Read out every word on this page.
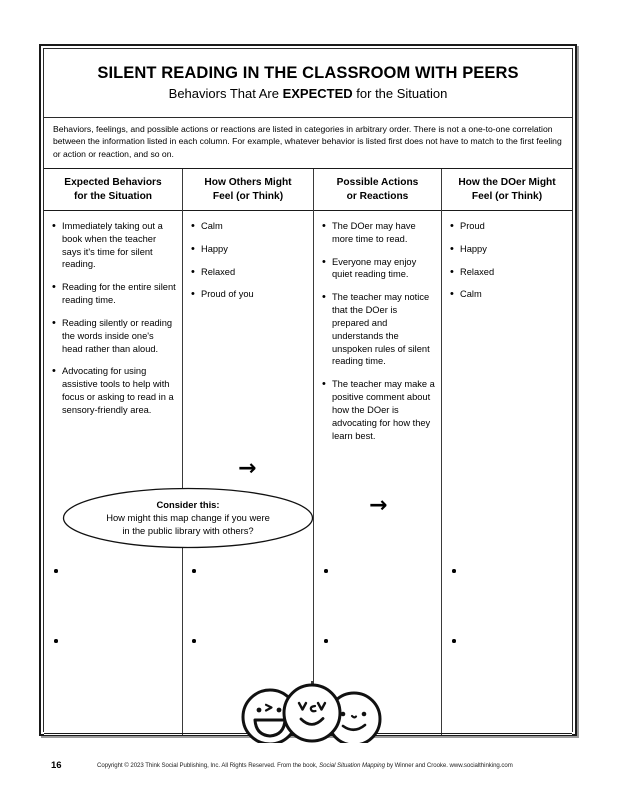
SILENT READING IN THE CLASSROOM WITH PEERS
Behaviors That Are EXPECTED for the Situation
Behaviors, feelings, and possible actions or reactions are listed in categories in arbitrary order. There is not a one-to-one correlation between the information listed in each column. For example, whatever behavior is listed first does not have to match to the first feeling or action or reaction, and so on.
Expected Behaviors
for the Situation
• Immediately taking out a book when the teacher says it's time for silent reading.
• Reading for the entire silent reading time.
• Reading silently or reading the words inside one's head rather than aloud.
• Advocating for using assistive tools to help with focus or asking to read in a sensory-friendly area.
How Others Might
Feel (or Think)
• Calm
• Happy
• Relaxed
• Proud of you
Possible Actions
or Reactions
• The DOer may have more time to read.
• Everyone may enjoy quiet reading time.
• The teacher may notice that the DOer is prepared and understands the unspoken rules of silent reading time.
• The teacher may make a positive comment about how the DOer is advocating for how they learn best.
How the DOer Might
Feel (or Think)
• Proud
• Happy
• Relaxed
• Calm
→
→
Consider this:
How might this map change if you were
in the public library with others?
16	Copyright © 2023 Think Social Publishing, Inc. All Rights Reserved. From the book, Social Situation Mapping by Winner and Crooke. www.socialthinking.com
